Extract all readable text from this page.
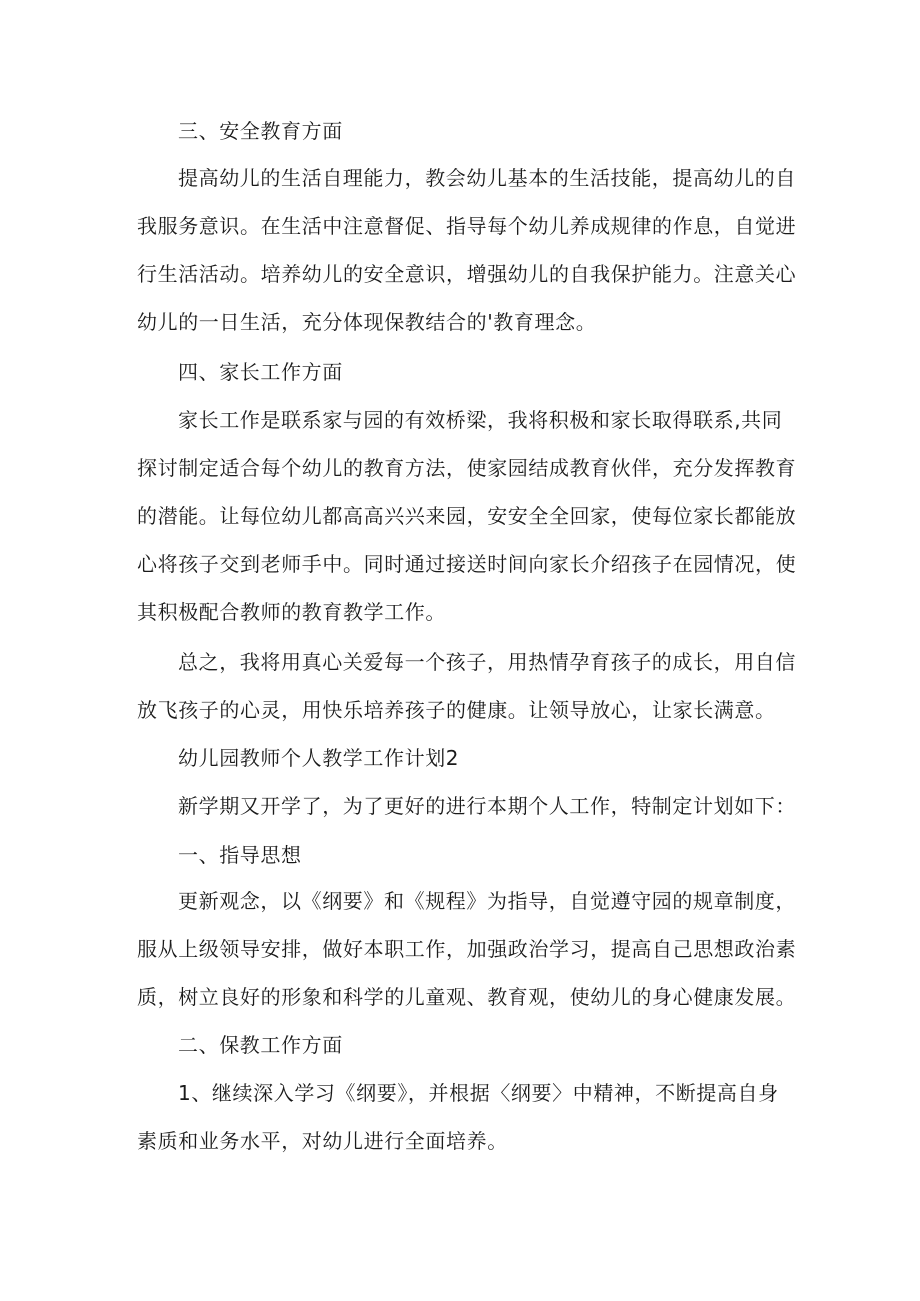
三、安全教育方面
提高幼儿的生活自理能力，教会幼儿基本的生活技能，提高幼儿的自
我服务意识。在生活中注意督促、指导每个幼儿养成规律的作息，自觉进
行生活活动。培养幼儿的安全意识，增强幼儿的自我保护能力。注意关心
幼儿的一日生活，充分体现保教结合的'教育理念。
四、家长工作方面
家长工作是联系家与园的有效桥梁，我将积极和家长取得联系,共同
探讨制定适合每个幼儿的教育方法，使家园结成教育伙伴，充分发挥教育
的潜能。让每位幼儿都高高兴兴来园，安安全全回家，使每位家长都能放
心将孩子交到老师手中。同时通过接送时间向家长介绍孩子在园情况，使
其积极配合教师的教育教学工作。
总之，我将用真心关爱每一个孩子，用热情孕育孩子的成长，用自信
放飞孩子的心灵，用快乐培养孩子的健康。让领导放心，让家长满意。
幼儿园教师个人教学工作计划2
新学期又开学了，为了更好的进行本期个人工作，特制定计划如下：
一、指导思想
更新观念，以《纲要》和《规程》为指导，自觉遵守园的规章制度，
服从上级领导安排，做好本职工作，加强政治学习，提高自己思想政治素
质，树立良好的形象和科学的儿童观、教育观，使幼儿的身心健康发展。
二、保教工作方面
1、继续深入学习《纲要》，并根据〈纲要〉中精神，不断提高自身
素质和业务水平，对幼儿进行全面培养。
